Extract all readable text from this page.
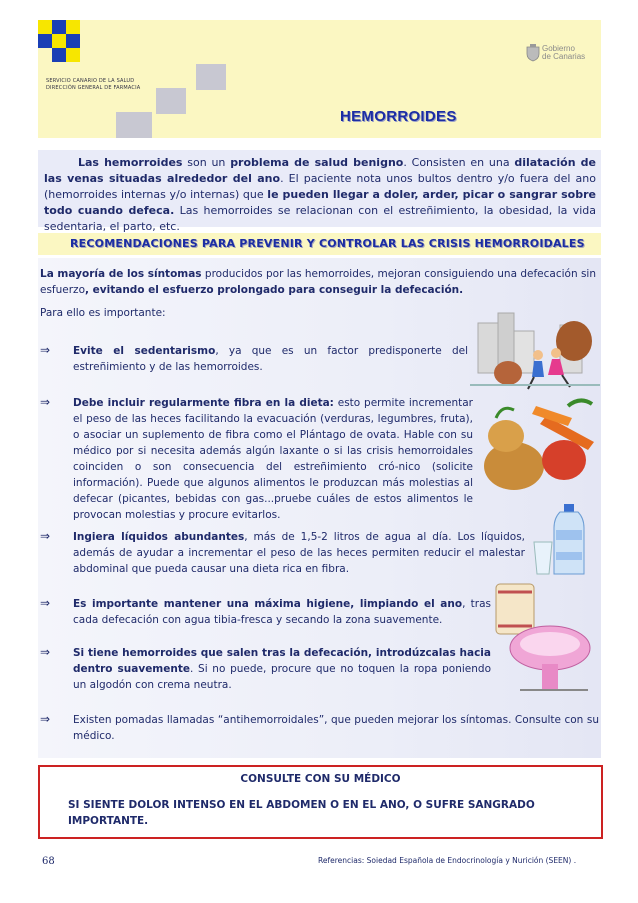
SERVICIO CANARIO DE LA SALUD
DIRECCIÓN GENERAL DE FARMACIA
Gobierno
de Canarias
HEMORROIDES
Las hemorroides son un problema de salud benigno. Consisten en una dilatación de las venas situadas alrededor del ano. El paciente nota unos bultos dentro y/o fuera del ano (hemorroides internas y/o internas) que le pueden llegar a doler, arder, picar o sangrar sobre todo cuando defeca. Las hemorroides se relacionan con el estreñimiento, la obesidad, la vida sedentaria, el parto, etc.
RECOMENDACIONES PARA PREVENIR Y CONTROLAR LAS CRISIS HEMORROIDALES
La mayoría de los síntomas producidos por las hemorroides, mejoran consiguiendo una defecación sin esfuerzo, evitando el esfuerzo prolongado para conseguir la defecación.
Para ello es importante:
⇒ Evite el sedentarismo, ya que es un factor predisponerte del estreñimiento y de las hemorroides.
⇒ Debe incluir regularmente fibra en la dieta: esto permite incrementar el peso de las heces facilitando la evacuación (verduras, legumbres, fruta), o asociar un suplemento de fibra como el Plántago de ovata. Hable con su médico por si necesita además algún laxante o si las crisis hemorroidales coinciden o son consecuencia del estreñimiento cró-nico (solicite información). Puede que algunos alimentos le produzcan más molestias al defecar (picantes, bebidas con gas...pruebe cuáles de estos alimentos le provocan molestias y procure evitarlos.
⇒ Ingiera líquidos abundantes, más de 1,5-2 litros de agua al día. Los líquidos, además de ayudar a incrementar el peso de las heces permiten reducir el malestar abdominal que pueda causar una dieta rica en fibra.
⇒ Es importante mantener una máxima higiene, limpiando el ano, tras cada defecación con agua tibia-fresca y secando la zona suavemente.
⇒ Si tiene hemorroides que salen tras la defecación, introdúzcalas hacia dentro suavemente. Si no puede, procure que no toquen la ropa poniendo un algodón con crema neutra.
⇒ Existen pomadas llamadas “antihemorroidales”, que pueden mejorar los síntomas. Consulte con su médico.
CONSULTE CON SU MÉDICO
SI SIENTE DOLOR INTENSO EN EL ABDOMEN O EN EL ANO, O SUFRE SANGRADO IMPORTANTE.
68	Referencias: Soiedad Española de Endocrinología y Nurición (SEEN) .
